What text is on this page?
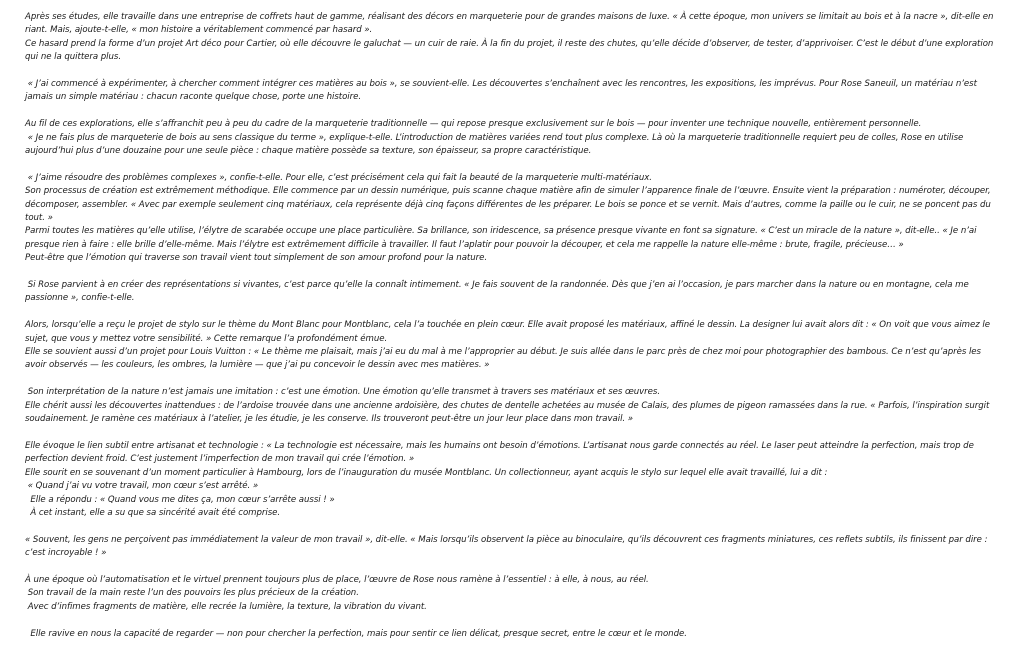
Après ses études, elle travaille dans une entreprise de coffrets haut de gamme, réalisant des décors en marqueterie pour de grandes maisons de luxe. « À cette époque, mon univers se limitait au bois et à la nacre », dit-elle en riant. Mais, ajoute-t-elle, « mon histoire a véritablement commencé par hasard ».
Ce hasard prend la forme d’un projet Art déco pour Cartier, où elle découvre le galuchat — un cuir de raie. À la fin du projet, il reste des chutes, qu’elle décide d’observer, de tester, d’apprivoiser. C’est le début d’une exploration qui ne la quittera plus.
« J’ai commencé à expérimenter, à chercher comment intégrer ces matières au bois », se souvient-elle. Les découvertes s’enchaînent avec les rencontres, les expositions, les imprévus. Pour Rose Saneuil, un matériau n’est jamais un simple matériau : chacun raconte quelque chose, porte une histoire.
Au fil de ces explorations, elle s’affranchit peu à peu du cadre de la marqueterie traditionnelle — qui repose presque exclusivement sur le bois — pour inventer une technique nouvelle, entièrement personnelle.
« Je ne fais plus de marqueterie de bois au sens classique du terme », explique-t-elle. L’introduction de matières variées rend tout plus complexe. Là où la marqueterie traditionnelle requiert peu de colles, Rose en utilise aujourd’hui plus d’une douzaine pour une seule pièce : chaque matière possède sa texture, son épaisseur, sa propre caractéristique.
« J’aime résoudre des problèmes complexes », confie-t-elle. Pour elle, c’est précisément cela qui fait la beauté de la marqueterie multi-matériaux.
Son processus de création est extrêmement méthodique. Elle commence par un dessin numérique, puis scanne chaque matière afin de simuler l’apparence finale de l’œuvre. Ensuite vient la préparation : numéroter, découper, décomposer, assembler. « Avec par exemple seulement cinq matériaux, cela représente déjà cinq façons différentes de les préparer. Le bois se ponce et se vernit. Mais d’autres, comme la paille ou le cuir, ne se poncent pas du tout. »
Parmi toutes les matières qu’elle utilise, l’élytre de scarabée occupe une place particulière. Sa brillance, son iridescence, sa présence presque vivante en font sa signature. « C’est un miracle de la nature », dit-elle.. « Je n’ai presque rien à faire : elle brille d’elle-même. Mais l’élytre est extrêmement difficile à travailler. Il faut l’aplatir pour pouvoir la découper, et cela me rappelle la nature elle-même : brute, fragile, précieuse… »
Peut-être que l’émotion qui traverse son travail vient tout simplement de son amour profond pour la nature.
Si Rose parvient à en créer des représentations si vivantes, c’est parce qu’elle la connaît intimement. « Je fais souvent de la randonnée. Dès que j’en ai l’occasion, je pars marcher dans la nature ou en montagne, cela me passionne », confie-t-elle.
Alors, lorsqu’elle a reçu le projet de stylo sur le thème du Mont Blanc pour Montblanc, cela l’a touchée en plein cœur. Elle avait proposé les matériaux, affiné le dessin. La designer lui avait alors dit : « On voit que vous aimez le sujet, que vous y mettez votre sensibilité. » Cette remarque l’a profondément émue.
Elle se souvient aussi d’un projet pour Louis Vuitton : « Le thème me plaisait, mais j’ai eu du mal à me l’approprier au début. Je suis allée dans le parc près de chez moi pour photographier des bambous. Ce n’est qu’après les avoir observés — les couleurs, les ombres, la lumière — que j’ai pu concevoir le dessin avec mes matières. »
Son interprétation de la nature n’est jamais une imitation : c’est une émotion. Une émotion qu’elle transmet à travers ses matériaux et ses œuvres.
Elle chérit aussi les découvertes inattendues : de l’ardoise trouvée dans une ancienne ardoisière, des chutes de dentelle achetées au musée de Calais, des plumes de pigeon ramassées dans la rue. « Parfois, l’inspiration surgit soudainement. Je ramène ces matériaux à l’atelier, je les étudie, je les conserve. Ils trouveront peut-être un jour leur place dans mon travail. »
Elle évoque le lien subtil entre artisanat et technologie : « La technologie est nécessaire, mais les humains ont besoin d’émotions. L’artisanat nous garde connectés au réel. Le laser peut atteindre la perfection, mais trop de perfection devient froid. C’est justement l’imperfection de mon travail qui crée l’émotion. »
Elle sourit en se souvenant d’un moment particulier à Hambourg, lors de l’inauguration du musée Montblanc. Un collectionneur, ayant acquis le stylo sur lequel elle avait travaillé, lui a dit :
« Quand j’ai vu votre travail, mon cœur s’est arrêté. »
Elle a répondu : « Quand vous me dites ça, mon cœur s’arrête aussi ! »
À cet instant, elle a su que sa sincérité avait été comprise.
« Souvent, les gens ne perçoivent pas immédiatement la valeur de mon travail », dit-elle. « Mais lorsqu’ils observent la pièce au binoculaire, qu’ils découvrent ces fragments miniatures, ces reflets subtils, ils finissent par dire : c’est incroyable ! »
À une époque où l’automatisation et le virtuel prennent toujours plus de place, l’œuvre de Rose nous ramène à l’essentiel : à elle, à nous, au réel.
Son travail de la main reste l’un des pouvoirs les plus précieux de la création.
Avec d’infimes fragments de matière, elle recrée la lumière, la texture, la vibration du vivant.
Elle ravive en nous la capacité de regarder — non pour chercher la perfection, mais pour sentir ce lien délicat, presque secret, entre le cœur et le monde.
